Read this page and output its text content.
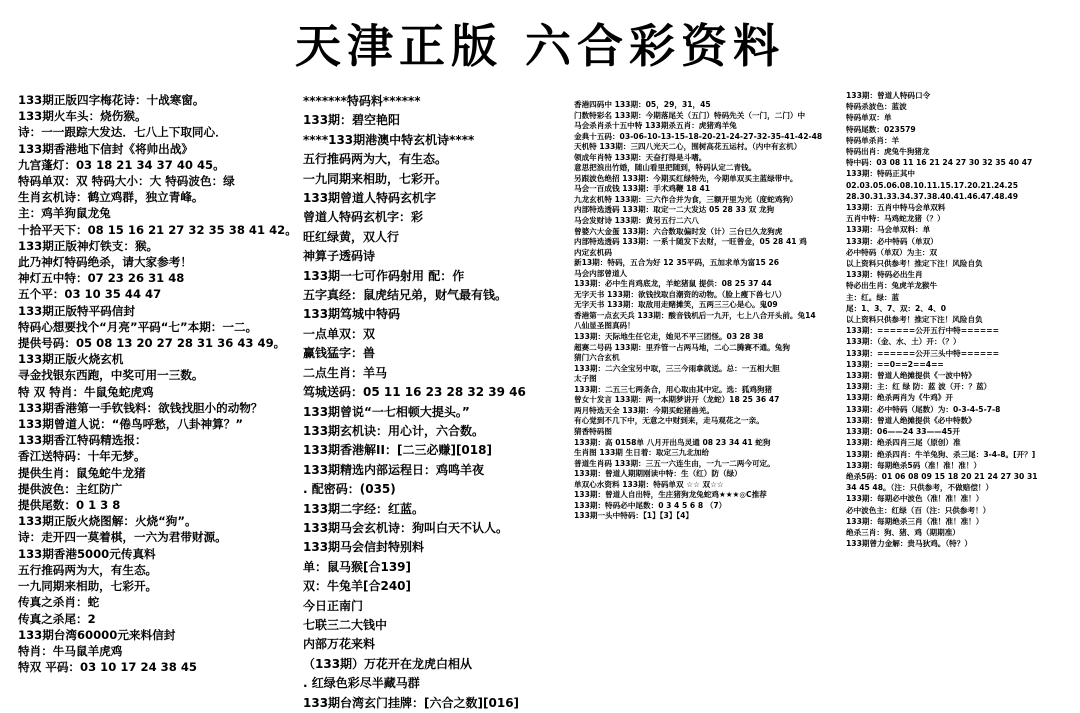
天津正版 六合彩资料
133期正版四字梅花诗：十战寒窗。
133期火车头：烧伤猴。
诗：一一跟踪大发达．七八上下取同心．
133期香港地下信封《将帅出战》
九宫蓬灯：03 18 21 34 37 40 45。
特码单双：双 特码大小：大 特码波色：绿
生肖玄机诗：鹤立鸡群，独立青峰。
主：鸡羊狗鼠龙兔
十拾平天下：08 15 16 21 27 32 35 38 41 42。
133期正版神灯铁支：猴。
此乃神灯特码绝杀，请大家参考！
神灯五中特：07 23 26 31 48
五个平：03 10 35 44 47
133期正版特平码信封
特码心想要找个“月亮”平码“七”本期：一二。
提供号码：05 08 13 20 27 28 31 36 43 49。
133期正版火烧玄机
寻金找银东西跑，中奖可用一三数。
特 双 特肖：牛鼠兔蛇虎鸡
133期香港第一手钦钱料：欲钱找胆小的动物？
133期曾道人说：“倦鸟呼愁，八卦神算？”
133期香江特码精选报：
香江送特码：十年无梦。
提供生肖：鼠兔蛇牛龙猪
提供波色：主红防广
提供尾数：0 1 3 8
133期正版火烧图解：火烧“狗”。
诗：走开四一莫着棋，一六为君带财源。
133期香港5000元传真料
五行推码两为大，有生态。
一九同期来相助，七彩开。
传真之杀肖：蛇
传真之杀尾：2
133期台湾60000元来料信封
特肖：牛马鼠羊虎鸡
特双 平码：03 10 17 24 38 45
*******特码料******
133期：碧空艳阳
****133期港澳中特玄机诗****
五行推码两为大，有生态。
一九同期来相助，七彩开。
133期曾道人特码玄机字
曾道人特码玄机字：彩
旺红绿黄，双人行
神算子透码诗
133期一七可作码射用 配：作
五字真经：鼠虎结兄弟，财气最有钱。
133期笃城中特码
一点单双：双
赢钱猛字：兽
二点生肖：羊马
笃城送码：05 11 16 23 28 32 39 46
133期曾说“一七相顿大提头。”
133期玄机诀：用心计，六合数。
133期香港解II：[二三必赚][018]
133期精选内部运程日：鸡鸣羊夜
. 配密码：(035)
133期二字经：红蓝。
133期马会玄机诗：狗叫白天不认人。
133期马会信封特别料
单：鼠马猴[合139]
双：牛兔羊[合240]
今日正南门
七联三二大钱中
内部万花来料
（133期）万花开在龙虎白相从
. 红绿色彩尽半藏马群
133期台湾玄门挂牌：[六合之数][016]
香港四码中 133期：05，29，31，45
门数特彩名 133期：今期落尾关（五门）特码先关（一门，二门）中
马会杀肖杀十五中特 133期杀五肖：虎猪鸡羊兔
金典十五码：03-06-10-13-15-18-20-21-24-27-32-35-41-42-48
天机特 133期：三四八光天二心，围树高花五运村。（内中有玄机）
领成年肖特 133期：天奋打得是斗嗜。
意思把浪出竹婚，随山看里把随到，特码认定二青钱。
另跟波色绝招 133期：今期买红绿特先，今期单双买主蓝绿带中。
马会一百成钱 133期：手术鸡鞭 18 41
九龙玄机特 133期：三六作合并为食，三额开里为光（度蛇鸡狗）
内部特选透码 133期：取定一二大发达 05 28 33 双 龙狗
马会发财诗 133期：黄另五行二六八
曾婆六大金蛋 133期：六合数取偏时发（计）三台已久龙狗虎
内部特选透码 133期：一系十随发下去财，一旺曾金，05 28 41 鸡
内定玄机码
新13期：特码，五合为好 12 35平码，五加求单为富15 26
马会内部曾道人
133期：必中生肖鸡底龙，羊蛇猪鼠 提供：08 25 37 44
无字天书 133期：欲钱找取自潮资的动物。（脸上瘦下兽七八）
无字天书 133期：取敌用走赌摊笑，五两三三心是心。鬼09
香港第一点玄天兵 133期：酸音钱机后一九开，七上八合开头前。兔14
八仙显圣图真码！
133期：天际地生任它走，她见不平三团怪。03 28 38
超赛二号码 133期：里乔管一占两马地，二心二腾赛不通。兔狗
猜门六合玄机
133期：二六全宝另中取，三三今雨拿就送。总：一五相大胆
太子图
133期：二五三七两条合，用心取由其中定。选：狐鸡狗猪
曾女十发言 133期：两一本期梦讲开（龙蛇）18 25 36 47
两月特选天全 133期：今期买蛇猪兽羌。
有心觉到不几下中，无意之中财到来，走马观花之一亲。
猜香特码图
133期：高 0158单 八月开出鸟灵通 08 23 34 41 蛇狗
生肖图 133期 生日着：取定三九北加给
普道生肖码 133期：三五一六连生由，一九一二两今可定。
133期：曾道人期期刚读中特：生（红）防（绿）
单双心水资料 133期：特码单双 ☆☆ 双☆☆
133期：曾道人自出特，生庄猪狗龙兔蛇鸡★★★◎C推荐
133期：特码必中尾数：0 3 4 5 6 8 （7）
133期一头中特码：【1】【3】【4】
133期：曾道人特码口令
特码杀波色：蓝波
特码单双：单
特码尾数：023579
特码单杀肖：羊
特码出肖：虎兔牛狗猪龙
特中码：03 08 11 16 21 24 27 30 32 35 40 47
133期：特码正其中
02.03.05.06.08.10.11.15.17.20.21.24.25
28.30.31.33.34.37.38.40.41.46.47.48.49
133期：五肖中特马会单双料
五肖中特：马鸡蛇龙猪（？）
133期：马会单双料：单
133期：必中特码（单双）
必中特码（单双）为主：双
以上资料只供参考！推定下注！风险自负
133期：特码必出生肖
特必出生肖：兔虎羊龙猴牛
主：红。绿：蓝
尾：1、3、7、双：2、4、0
以上资料只供参考！推定下注！风险自负
133期：======公开五行中特======
133期：（金、水、土）开：（？）
133期：======公开三头中特======
133期：==0==2==4==
133期：曾道人绝摊提供《一波中特》
133期：主：红 绿 防：蓝 波（开：？蓝）
133期：绝杀两肖为《牛鸡》开
133期：必中特码（尾数）为：0-3-4-5-7-8
133期：曾道人绝摊提供《必中特数》
133期：06——24 33——45开
133期：绝杀四肖三尾（原创）准
133期：绝杀四肖：牛羊兔狗、杀三尾：3-4-8。[开？]
133期：每期绝杀5码（准！准！准！）
绝杀5码：01 06 08 09 15 18 20 21 24 27 30 31
34 45 48。（注：只供参考，不做赔偿！）
133期：每期必中波色（准！准！准！）
必中波色主：红绿（百（注：只供参考！）
133期：每期绝杀三肖（准！准！准！）
绝杀三肖：狗、猪、鸡（期期准）
133期曾力金解：贵马狄鸡。（特？）
